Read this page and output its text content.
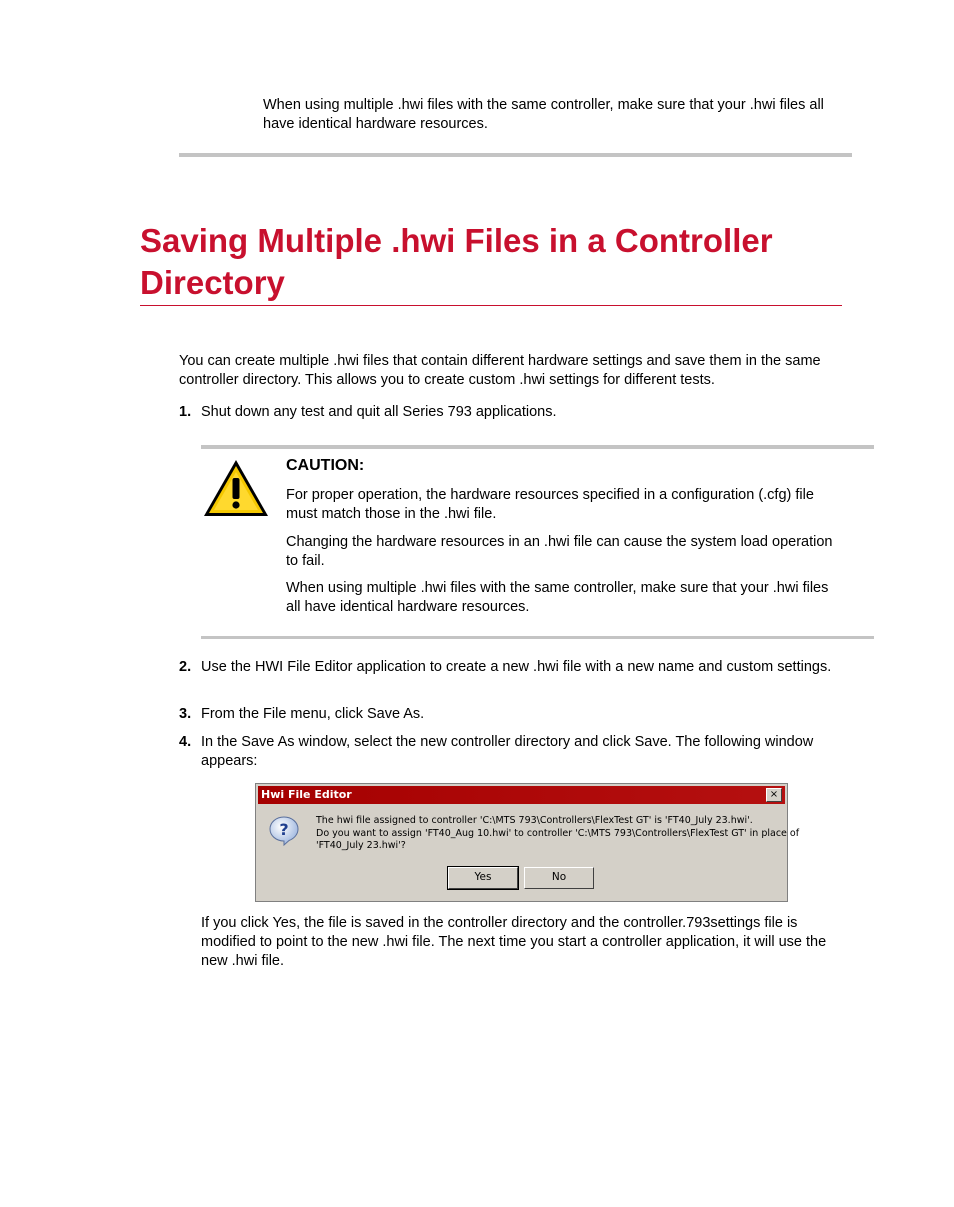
When using multiple .hwi files with the same controller, make sure that your .hwi files all have identical hardware resources.
Saving Multiple .hwi Files in a Controller Directory
You can create multiple .hwi files that contain different hardware settings and save them in the same controller directory. This allows you to create custom .hwi settings for different tests.
1. Shut down any test and quit all Series 793 applications.
CAUTION:
For proper operation, the hardware resources specified in a configuration (.cfg) file must match those in the .hwi file.
Changing the hardware resources in an .hwi file can cause the system load operation to fail.
When using multiple .hwi files with the same controller, make sure that your .hwi files all have identical hardware resources.
2. Use the HWI File Editor application to create a new .hwi file with a new name and custom settings.
3. From the File menu, click Save As.
4. In the Save As window, select the new controller directory and click Save. The following window appears:
Hwi File Editor	×
?	The hwi file assigned to controller 'C:\MTS 793\Controllers\FlexTest GT' is 'FT40_July 23.hwi'.
Do you want to assign 'FT40_Aug 10.hwi' to controller 'C:\MTS 793\Controllers\FlexTest GT' in place of
'FT40_July 23.hwi'?
Yes	No
If you click Yes, the file is saved in the controller directory and the controller.793settings file is modified to point to the new .hwi file. The next time you start a controller application, it will use the new .hwi file.
